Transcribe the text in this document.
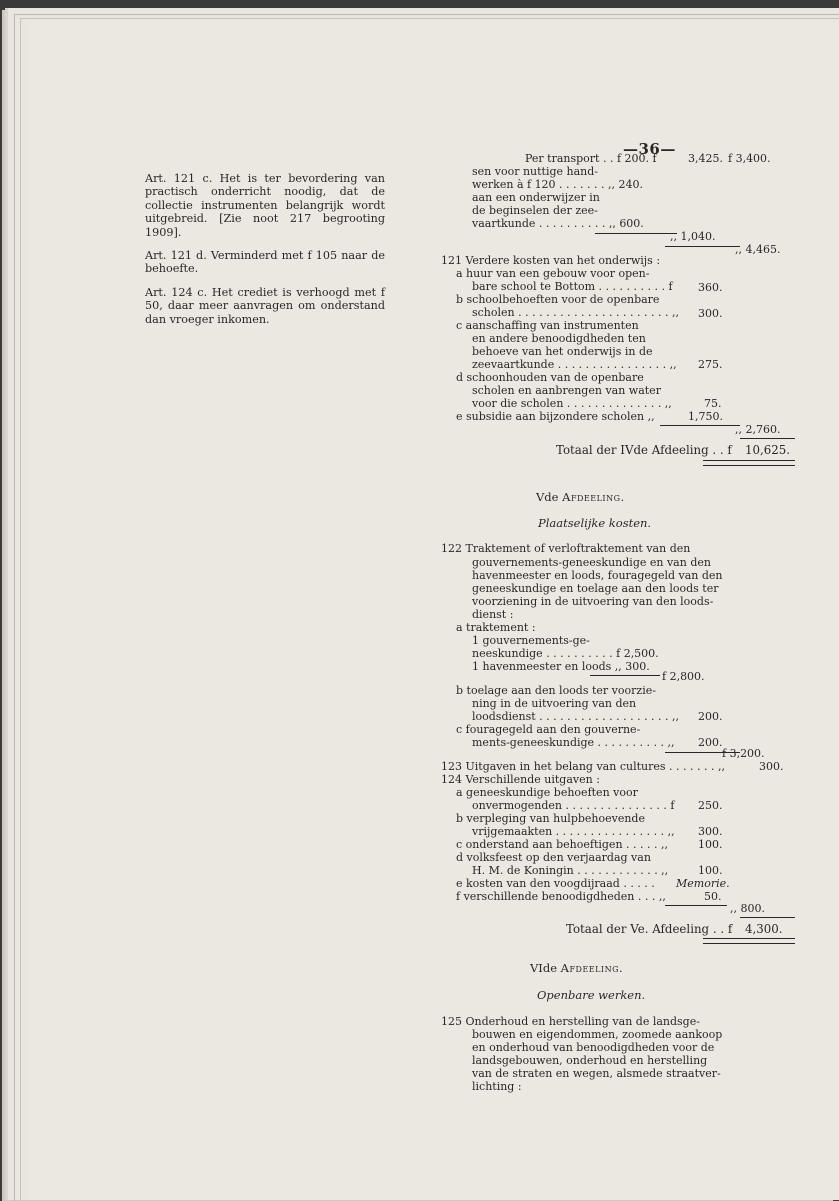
—36—

Art. 121 c. Het is ter bevordering van practisch onderricht noodig, dat de collectie instrumenten belangrijk wordt uitgebreid. [Zie noot 217 begrooting 1909].

Art. 121 d. Verminderd met f 105 naar de behoefte.

Art. 124 c. Het crediet is verhoogd met f 50, daar meer aanvragen om onderstand dan vroeger inkomen.

Per transport . . f 200. f	3,425. f 3,400.
sen voor nuttige hand-
werken à f 120 . . . . . . . ,, 240.
aan een onderwijzer in
de beginselen der zee-
vaartkunde . . . . . . . . . . ,, 600.
,, 1,040.
,, 4,465.
121 Verdere kosten van het onderwijs :
a huur van een gebouw voor open-
bare school te Bottom . . . . . . . . . . f 360.
b schoolbehoeften voor de openbare
scholen . . . . . . . . . . . . . . . . . . . . . . ,, 300.
c aanschaffing van instrumenten
en andere benoodigdheden ten
behoeve van het onderwijs in de
zeevaartkunde . . . . . . . . . . . . . . . . ,, 275.
d schoonhouden van de openbare
scholen en aanbrengen van water
voor die scholen . . . . . . . . . . . . . . ,,	75.
e subsidie aan bijzondere scholen ,,	1,750.
,, 2,760.
Totaal der IVde Afdeeling . . f 10,625.
Vde Afdeeling.
Plaatselijke kosten.
122 Traktement of verloftraktement van den
gouvernements-geneeskundige en van den
havenmeester en loods, fouragegeld van den
geneeskundige en toelage aan den loods ter
voorziening in de uitvoering van den loods-
dienst :
a traktement :
1 gouvernements-ge-
neeskundige . . . . . . . . . . f 2,500.
1 havenmeester en loods ,, 300.
f 2,800.
b toelage aan den loods ter voorzie-
ning in de uitvoering van den
loodsdienst . . . . . . . . . . . . . . . . . . . ,, 200.
c fouragegeld aan den gouverne-
ments-geneeskundige . . . . . . . . . . ,, 200.
f 3,200.
123 Uitgaven in het belang van cultures . . . . . . . ,,	300.
124 Verschillende uitgaven :
a geneeskundige behoeften voor
onvermogenden . . . . . . . . . . . . . . . f 250.
b verpleging van hulpbehoevende
vrijgemaakten . . . . . . . . . . . . . . . . ,, 300.
c onderstand aan behoeftigen . . . . . ,,	100.
d volksfeest op den verjaardag van
H. M. de Koningin . . . . . . . . . . . . ,,	100.
e kosten van den voogdijraad . . . . . Memorie.
f verschillende benoodigdheden . . . ,,	50.
,, 800.
Totaal der Ve. Afdeeling . . f 4,300.
VIde Afdeeling.
Openbare werken.
125 Onderhoud en herstelling van de landsge-
bouwen en eigendommen, zoomede aankoop
en onderhoud van benoodigdheden voor de
landsgebouwen, onderhoud en herstelling
van de straten en wegen, alsmede straatver-
lichting :
